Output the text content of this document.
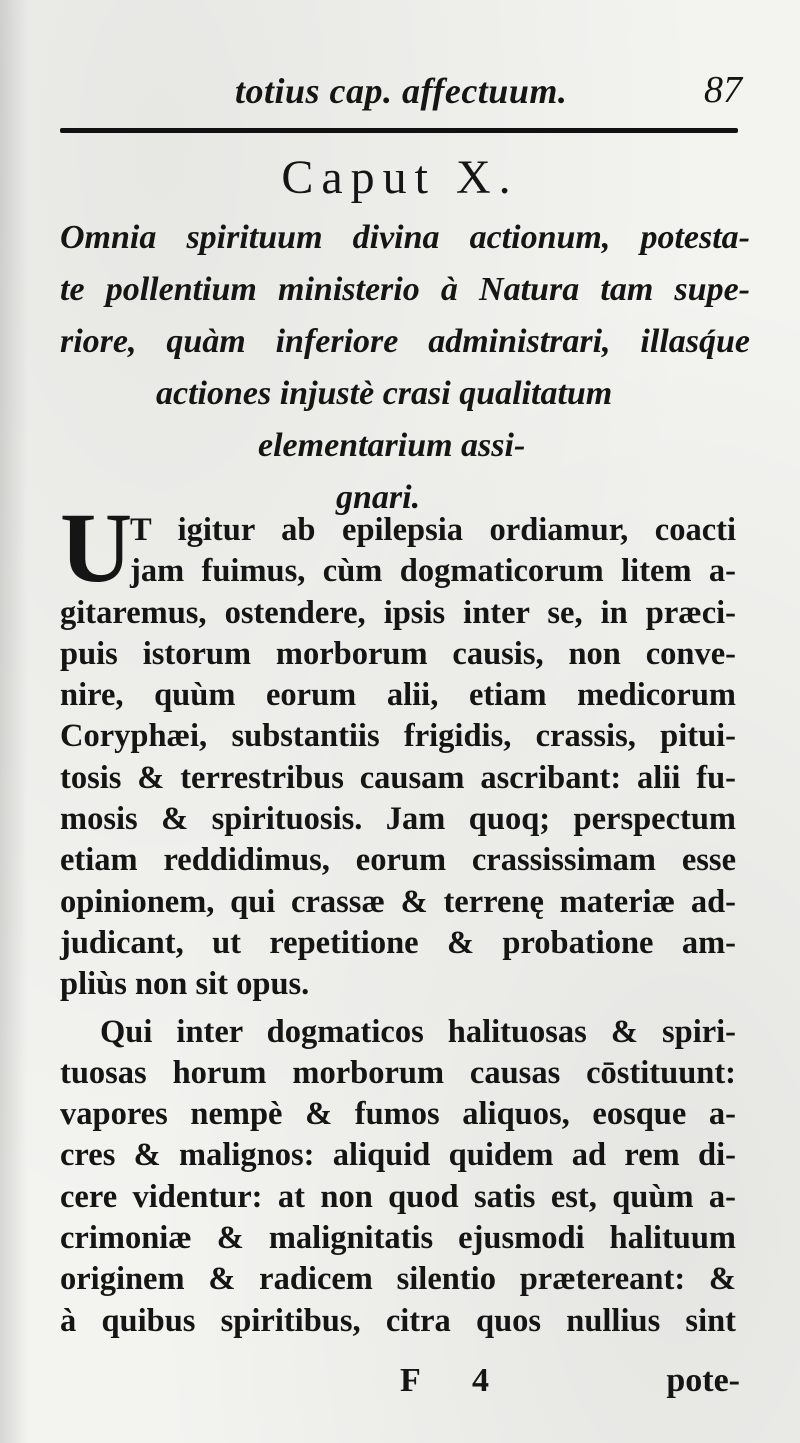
totius cap. affectuum.	87
Caput X.
Omnia spirituum divina actionum, potesta-
te pollentium ministerio à Natura tam supe-
riore, quàm inferiore administrari, illasq́ue
actiones injustè crasi qualitatum
elementarium assi-
gnari.
U
T igitur ab epilepsia ordiamur, coacti
jam fuimus, cùm dogmaticorum litem a-
gitaremus, ostendere, ipsis inter se, in præci-
puis istorum morborum causis, non conve-
nire, quùm eorum alii, etiam medicorum
Coryphæi, substantiis frigidis, crassis, pitui-
tosis & terrestribus causam ascribant: alii fu-
mosis & spirituosis. Jam quoq; perspectum
etiam reddidimus, eorum crassissimam esse
opinionem, qui crassæ & terrenę materiæ ad-
judicant, ut repetitione & probatione am-
pliùs non sit opus.
Qui inter dogmaticos halituosas & spiri-
tuosas horum morborum causas cōstituunt:
vapores nempè & fumos aliquos, eosque a-
cres & malignos: aliquid quidem ad rem di-
cere videntur: at non quod satis est, quùm a-
crimoniæ & malignitatis ejusmodi halituum
originem & radicem silentio prætereant: &
à quibus spiritibus, citra quos nullius sint
F 4	pote-
